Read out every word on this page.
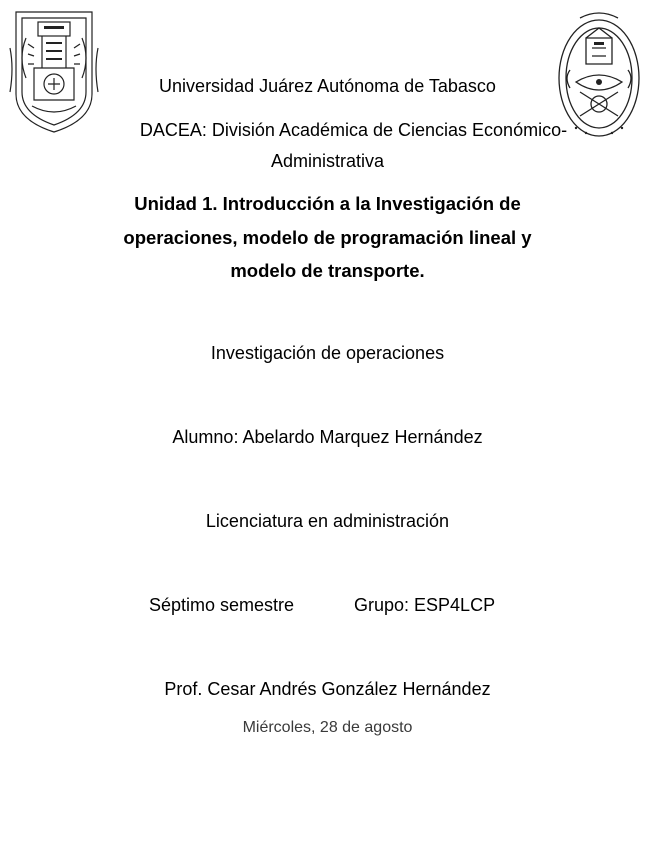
Universidad Juárez Autónoma de Tabasco
DACEA: División Académica de Ciencias Económico-
Administrativa
Unidad 1. Introducción a la Investigación de
operaciones, modelo de programación lineal y
modelo de transporte.
Investigación de operaciones
Alumno: Abelardo Marquez Hernández
Licenciatura en administración
Séptimo semestre	Grupo: ESP4LCP
Prof. Cesar Andrés González Hernández
Miércoles, 28 de agosto
